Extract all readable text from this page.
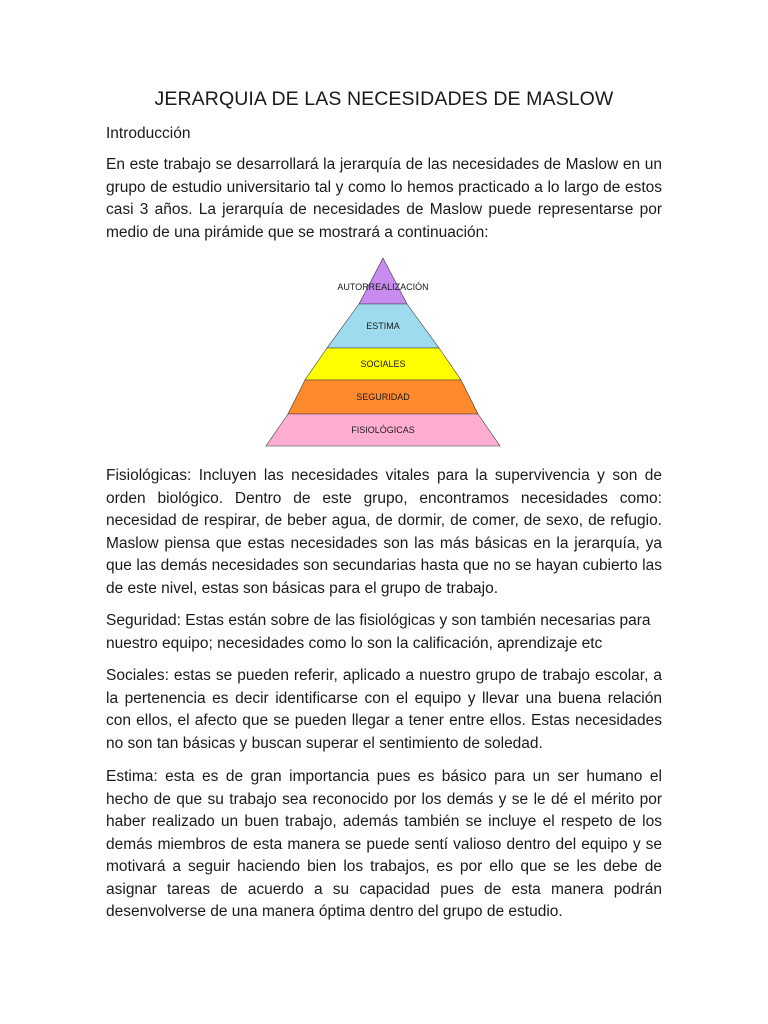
JERARQUIA DE LAS NECESIDADES DE MASLOW
Introducción

En este trabajo se desarrollará la jerarquía de las necesidades de Maslow en un grupo de estudio universitario tal y como lo hemos practicado a lo largo de estos casi 3 años. La jerarquía de necesidades de Maslow puede representarse por medio de una pirámide que se mostrará a continuación:

Fisiológicas: Incluyen las necesidades vitales para la supervivencia y son de orden biológico. Dentro de este grupo, encontramos necesidades como: necesidad de respirar, de beber agua, de dormir, de comer, de sexo, de refugio. Maslow piensa que estas necesidades son las más básicas en la jerarquía, ya que las demás necesidades son secundarias hasta que no se hayan cubierto las de este nivel, estas son básicas para el grupo de trabajo.

Seguridad: Estas están sobre de las fisiológicas y son también necesarias para nuestro equipo; necesidades como lo son la calificación, aprendizaje etc

Sociales: estas se pueden referir, aplicado a nuestro grupo de trabajo escolar, a la pertenencia es decir identificarse con el equipo y llevar una buena relación con ellos, el afecto que se pueden llegar a tener entre ellos. Estas necesidades no son tan básicas y buscan superar el sentimiento de soledad.

Estima: esta es de gran importancia pues es básico para un ser humano el hecho de que su trabajo sea reconocido por los demás y se le dé el mérito por haber realizado un buen trabajo, además también se incluye el respeto de los demás miembros de esta manera se puede sentí valioso dentro del equipo y se motivará a seguir haciendo bien los trabajos, es por ello que se les debe de asignar tareas de acuerdo a su capacidad pues de esta manera podrán desenvolverse de una manera óptima dentro del grupo de estudio.

AUTORREALIZACIÓN
ESTIMA
SOCIALES
SEGURIDAD
FISIOLÓGICAS
